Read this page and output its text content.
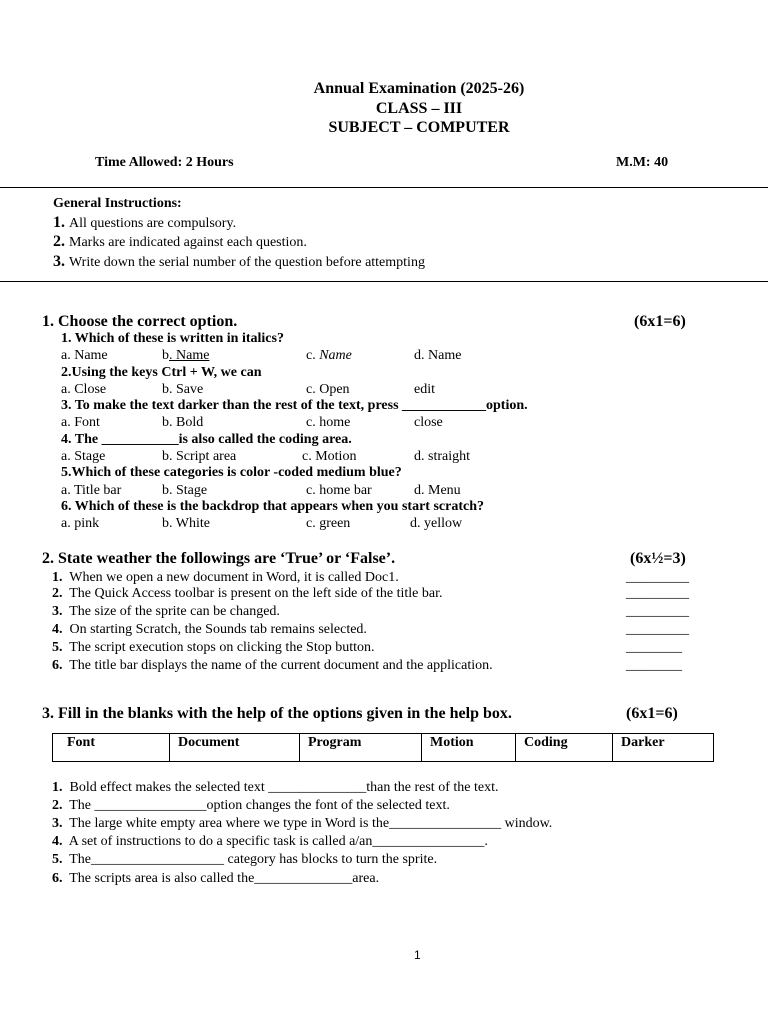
Annual Examination (2025-26)
CLASS – III
SUBJECT – COMPUTER
Time Allowed: 2 Hours	M.M: 40
General Instructions:
1. All questions are compulsory.
2. Marks are indicated against each question.
3. Write down the serial number of the question before attempting
1. Choose the correct option.	(6x1=6)
1. Which of these is written in italics?
a. Name	b. Name	c. Name	d. Name
2.Using the keys Ctrl + W, we can
a. Close	b. Save	c. Open	edit
3. To make the text darker than the rest of the text, press ____________option.
a. Font	b. Bold	c. home	close
4. The ___________is also called the coding area.
a. Stage	b. Script area	c. Motion	d. straight
5.Which of these categories is color -coded medium blue?
a. Title bar	b. Stage	c. home bar	d. Menu
6. Which of these is the backdrop that appears when you start scratch?
a. pink	b. White	c. green	d. yellow
2. State weather the followings are ‘True’ or ‘False’.	(6x½=3)
1. When we open a new document in Word, it is called Doc1.	_________
2. The Quick Access toolbar is present on the left side of the title bar.	_________
3. The size of the sprite can be changed.	_________
4. On starting Scratch, the Sounds tab remains selected.	_________
5. The script execution stops on clicking the Stop button.	________
6. The title bar displays the name of the current document and the application.	________
3. Fill in the blanks with the help of the options given in the help box.	(6x1=6)
Font	Document	Program	Motion	Coding	Darker
1. Bold effect makes the selected text ______________than the rest of the text.
2. The ________________option changes the font of the selected text.
3. The large white empty area where we type in Word is the________________ window.
4. A set of instructions to do a specific task is called a/an________________.
5. The___________________ category has blocks to turn the sprite.
6. The scripts area is also called the______________area.
1
